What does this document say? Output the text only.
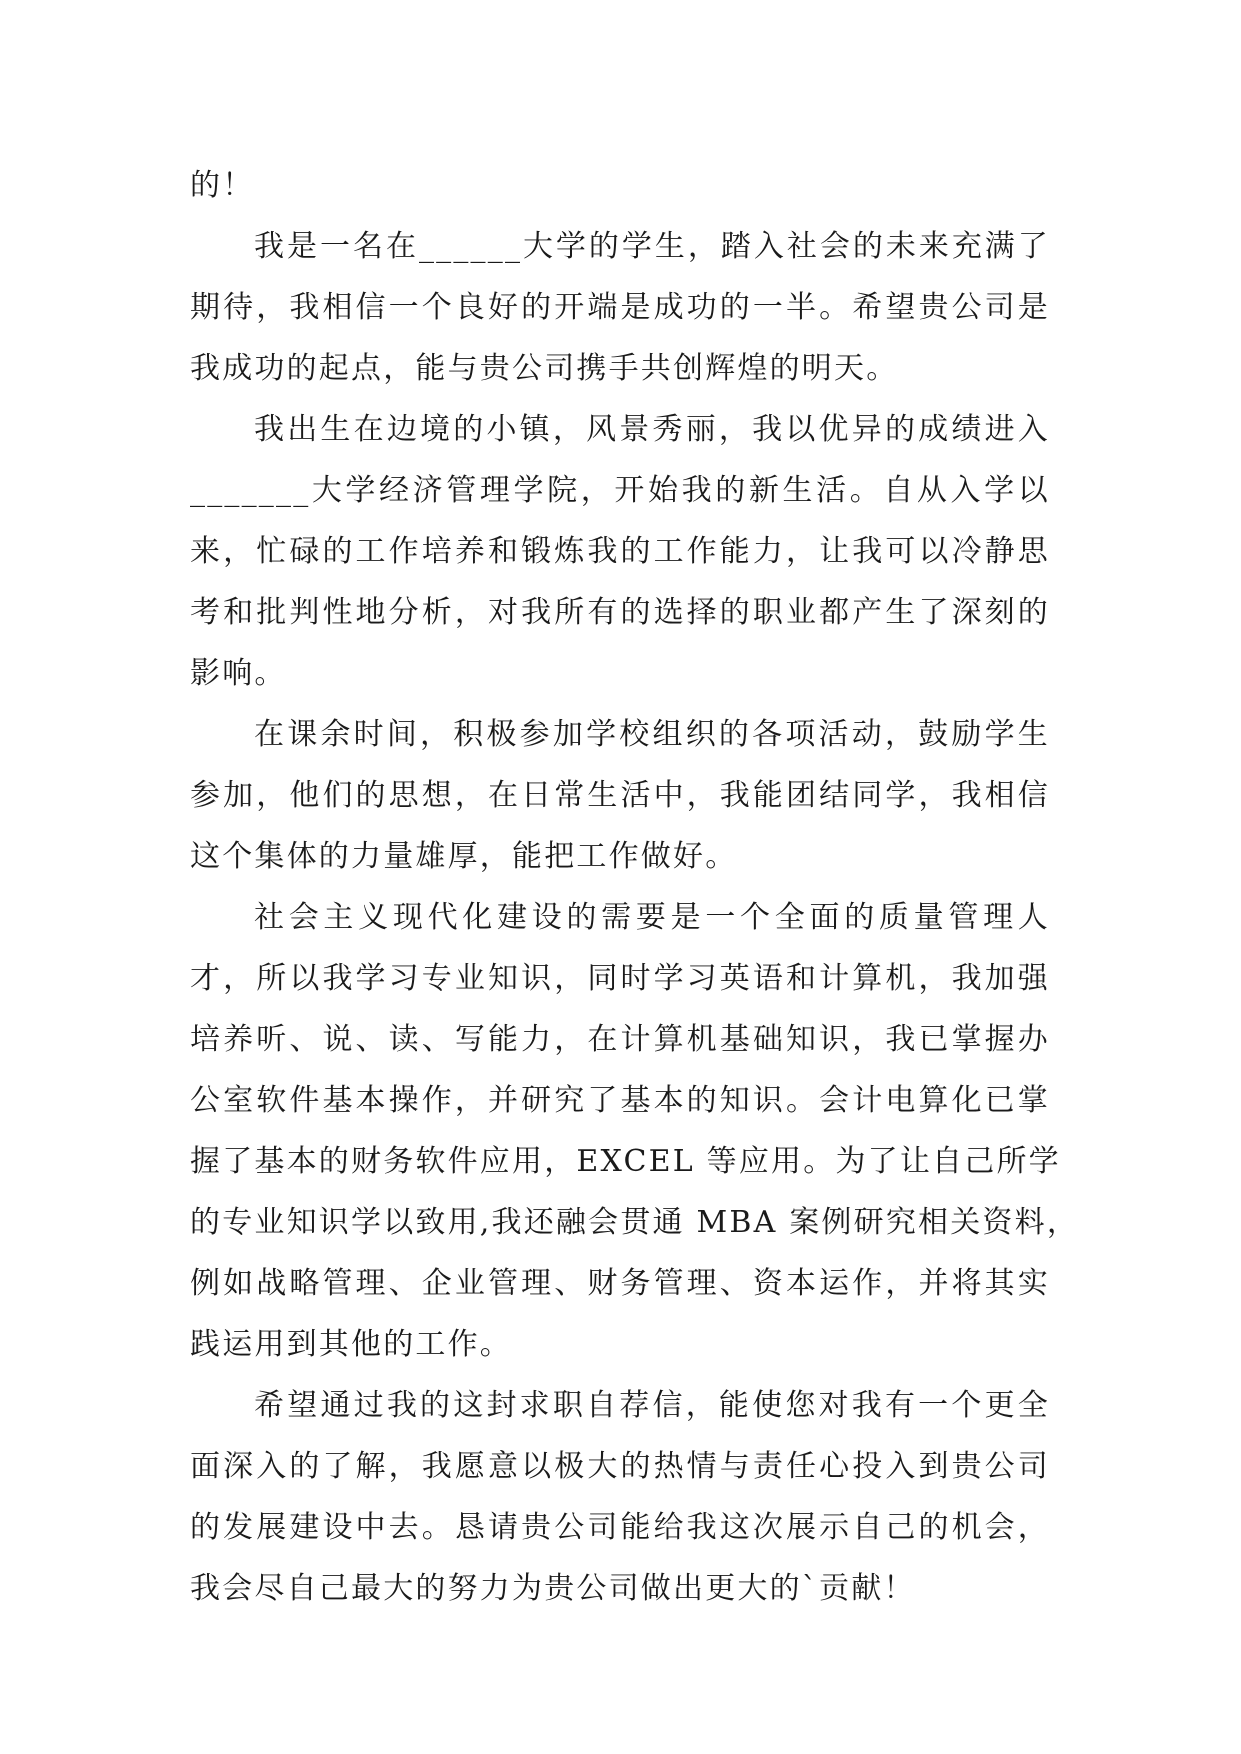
的！
我是一名在______大学的学生，踏入社会的未来充满了
期待，我相信一个良好的开端是成功的一半。希望贵公司是
我成功的起点，能与贵公司携手共创辉煌的明天。
我出生在边境的小镇，风景秀丽，我以优异的成绩进入
_______大学经济管理学院，开始我的新生活。自从入学以
来，忙碌的工作培养和锻炼我的工作能力，让我可以冷静思
考和批判性地分析，对我所有的选择的职业都产生了深刻的
影响。
在课余时间，积极参加学校组织的各项活动，鼓励学生
参加，他们的思想，在日常生活中，我能团结同学，我相信
这个集体的力量雄厚，能把工作做好。
社会主义现代化建设的需要是一个全面的质量管理人
才，所以我学习专业知识，同时学习英语和计算机，我加强
培养听、说、读、写能力，在计算机基础知识，我已掌握办
公室软件基本操作，并研究了基本的知识。会计电算化已掌
握了基本的财务软件应用，EXCEL 等应用。为了让自己所学
的专业知识学以致用,我还融会贯通 MBA 案例研究相关资料，
例如战略管理、企业管理、财务管理、资本运作，并将其实
践运用到其他的工作。
希望通过我的这封求职自荐信，能使您对我有一个更全
面深入的了解，我愿意以极大的热情与责任心投入到贵公司
的发展建设中去。恳请贵公司能给我这次展示自己的机会，
我会尽自己最大的努力为贵公司做出更大的`贡献！
